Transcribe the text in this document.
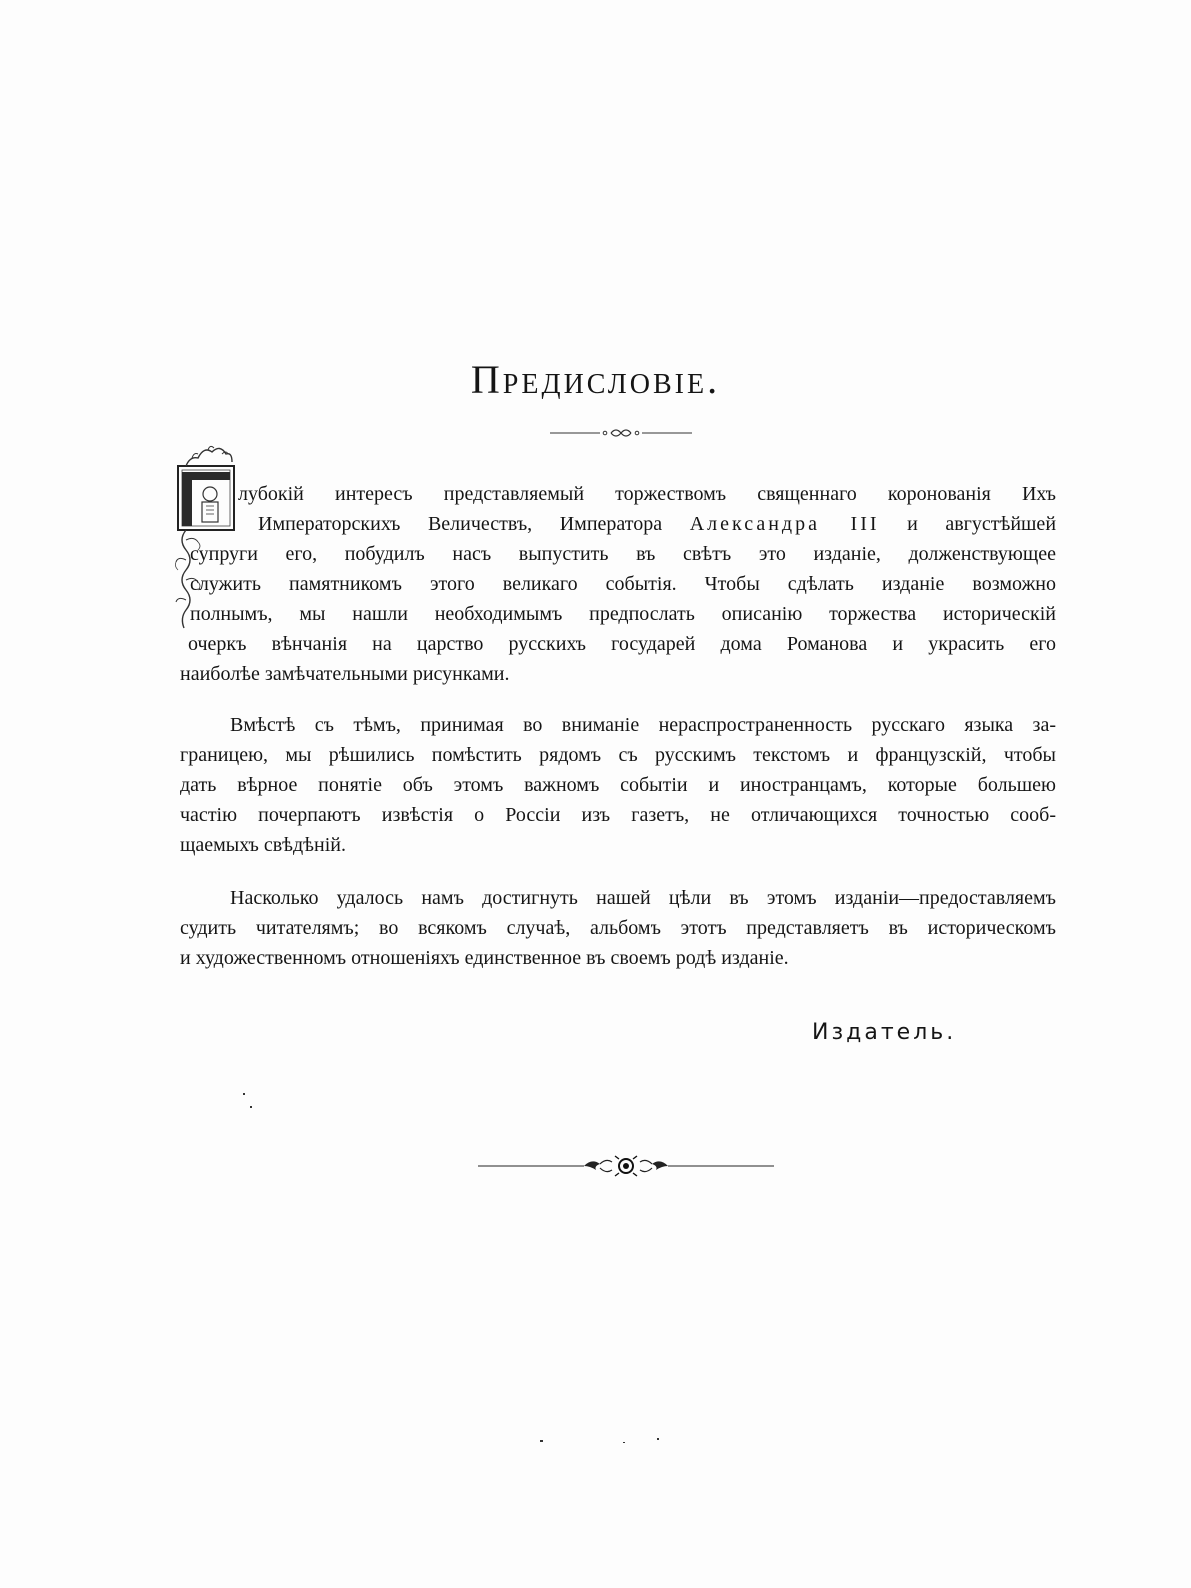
Предисловіе.
лубокій интересъ представляемый торжествомъ священнаго коронованія Ихъ
Императорскихъ Величествъ, Императора Александра III и августѣйшей
супруги его, побудилъ насъ выпустить въ свѣтъ это изданіе, долженствующее
служить памятникомъ этого великаго событія. Чтобы сдѣлать изданіе возможно
полнымъ, мы нашли необходимымъ предпослать описанію торжества историческій
очеркъ вѣнчанія на царство русскихъ государей дома Романова и украсить его
наиболѣе замѣчательными рисунками.
Вмѣстѣ съ тѣмъ, принимая во вниманіе нераспространенность русскаго языка за-
границею, мы рѣшились помѣстить рядомъ съ русскимъ текстомъ и французскій, чтобы
дать вѣрное понятіе объ этомъ важномъ событіи и иностранцамъ, которые большею
частію почерпаютъ извѣстія о Россіи изъ газетъ, не отличающихся точностью сооб-
щаемыхъ свѣдѣній.
Насколько удалось намъ достигнуть нашей цѣли въ этомъ изданіи—предоставляемъ
судить читателямъ; во всякомъ случаѣ, альбомъ этотъ представляетъ въ историческомъ
и художественномъ отношеніяхъ единственное въ своемъ родѣ изданіе.
Издатель.
